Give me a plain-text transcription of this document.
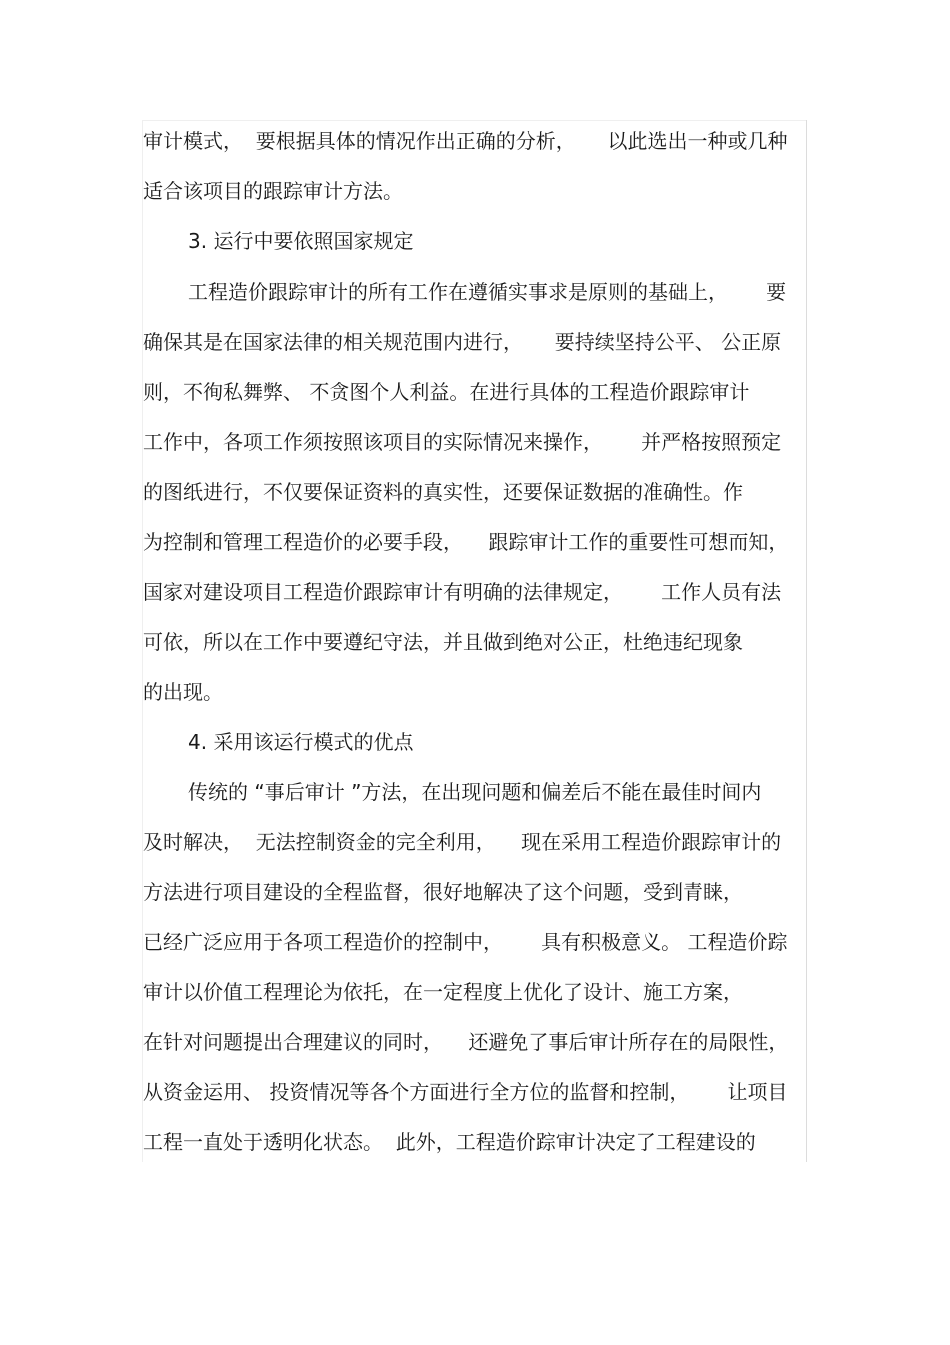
审计模式，  要根据具体的情况作出正确的分析，     以此选出一种或几种
适合该项目的跟踪审计方法。
3. 运行中要依照国家规定
工程造价跟踪审计的所有工作在遵循实事求是原则的基础上，      要
确保其是在国家法律的相关规范围内进行，     要持续坚持公平、 公正原
则，不徇私舞弊、 不贪图个人利益。在进行具体的工程造价跟踪审计
工作中，各项工作须按照该项目的实际情况来操作，      并严格按照预定
的图纸进行，不仅要保证资料的真实性，还要保证数据的准确性。作
为控制和管理工程造价的必要手段，    跟踪审计工作的重要性可想而知，
国家对建设项目工程造价跟踪审计有明确的法律规定，      工作人员有法
可依，所以在工作中要遵纪守法，并且做到绝对公正，杜绝违纪现象
的出现。
4. 采用该运行模式的优点
传统的 “事后审计 ”方法，在出现问题和偏差后不能在最佳时间内
及时解决，  无法控制资金的完全利用，    现在采用工程造价跟踪审计的
方法进行项目建设的全程监督，很好地解决了这个问题，受到青睐，
已经广泛应用于各项工程造价的控制中，      具有积极意义。 工程造价踪
审计以价值工程理论为依托，在一定程度上优化了设计、施工方案，
在针对问题提出合理建议的同时，    还避免了事后审计所存在的局限性，
从资金运用、 投资情况等各个方面进行全方位的监督和控制，      让项目
工程一直处于透明化状态。  此外，工程造价踪审计决定了工程建设的
